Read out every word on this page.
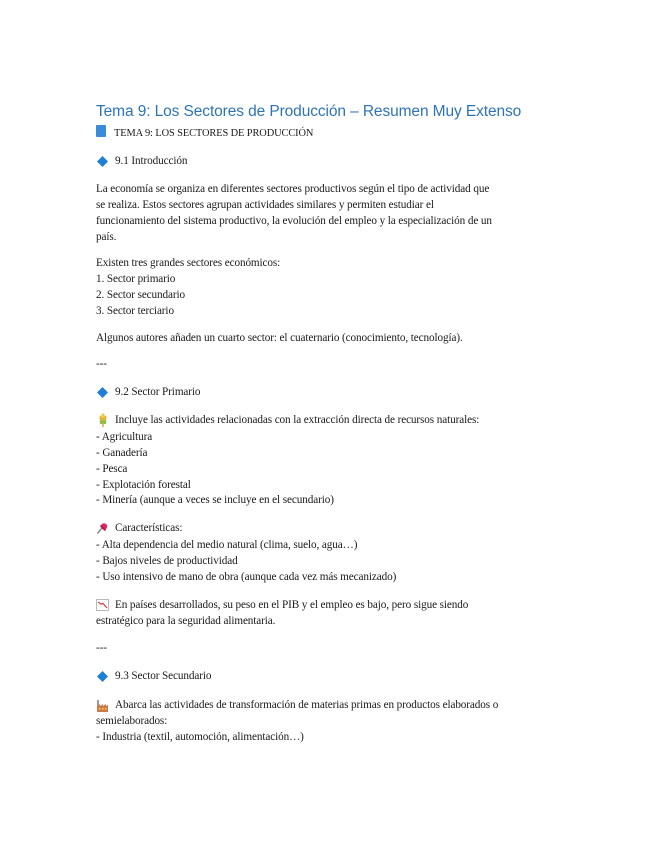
Tema 9: Los Sectores de Producción – Resumen Muy Extenso
TEMA 9: LOS SECTORES DE PRODUCCIÓN
9.1 Introducción
La economía se organiza en diferentes sectores productivos según el tipo de actividad que
se realiza. Estos sectores agrupan actividades similares y permiten estudiar el
funcionamiento del sistema productivo, la evolución del empleo y la especialización de un
país.
Existen tres grandes sectores económicos:
1. Sector primario
2. Sector secundario
3. Sector terciario
Algunos autores añaden un cuarto sector: el cuaternario (conocimiento, tecnología).
---
9.2 Sector Primario
Incluye las actividades relacionadas con la extracción directa de recursos naturales:
- Agricultura
- Ganadería
- Pesca
- Explotación forestal
- Minería (aunque a veces se incluye en el secundario)
Características:
- Alta dependencia del medio natural (clima, suelo, agua…)
- Bajos niveles de productividad
- Uso intensivo de mano de obra (aunque cada vez más mecanizado)
En países desarrollados, su peso en el PIB y el empleo es bajo, pero sigue siendo
estratégico para la seguridad alimentaria.
---
9.3 Sector Secundario
Abarca las actividades de transformación de materias primas en productos elaborados o
semielaborados:
- Industria (textil, automoción, alimentación…)
